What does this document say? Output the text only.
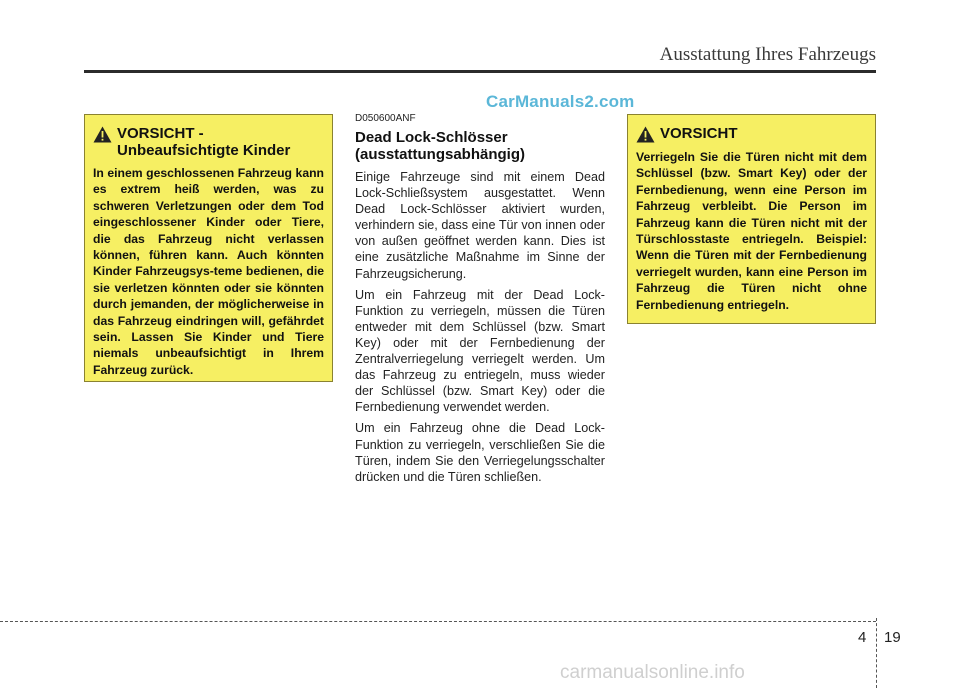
Ausstattung Ihres Fahrzeugs
CarManuals2.com
VORSICHT -
Unbeaufsichtigte Kinder
In einem geschlossenen Fahrzeug kann es extrem heiß werden, was zu schweren Verletzungen oder dem Tod eingeschlossener Kinder oder Tiere, die das Fahrzeug nicht verlassen können, führen kann. Auch könnten Kinder Fahrzeugsys-teme bedienen, die sie verletzen könnten oder sie könnten durch jemanden, der möglicherweise in das Fahrzeug eindringen will, gefährdet sein. Lassen Sie Kinder und Tiere niemals unbeaufsichtigt in Ihrem Fahrzeug zurück.
D050600ANF
Dead Lock-Schlösser
(ausstattungsabhängig)

Einige Fahrzeuge sind mit einem Dead Lock-Schließsystem ausgestattet. Wenn Dead Lock-Schlösser aktiviert wurden, verhindern sie, dass eine Tür von innen oder von außen geöffnet werden kann. Dies ist eine zusätzliche Maßnahme im Sinne der Fahrzeugsicherung.

Um ein Fahrzeug mit der Dead Lock-Funktion zu verriegeln, müssen die Türen entweder mit dem Schlüssel (bzw. Smart Key) oder mit der Fernbedienung der Zentralverriegelung verriegelt werden. Um das Fahrzeug zu entriegeln, muss wieder der Schlüssel (bzw. Smart Key) oder die Fernbedienung verwendet werden.

Um ein Fahrzeug ohne die Dead Lock-Funktion zu verriegeln, verschließen Sie die Türen, indem Sie den Verriegelungsschalter drücken und die Türen schließen.

VORSICHT
Verriegeln Sie die Türen nicht mit dem Schlüssel (bzw. Smart Key) oder der Fernbedienung, wenn eine Person im Fahrzeug verbleibt. Die Person im Fahrzeug kann die Türen nicht mit der Türschlosstaste entriegeln. Beispiel: Wenn die Türen mit der Fernbedienung verriegelt wurden, kann eine Person im Fahrzeug die Türen nicht ohne Fernbedienung entriegeln.
4 19
carmanualsonline.info
